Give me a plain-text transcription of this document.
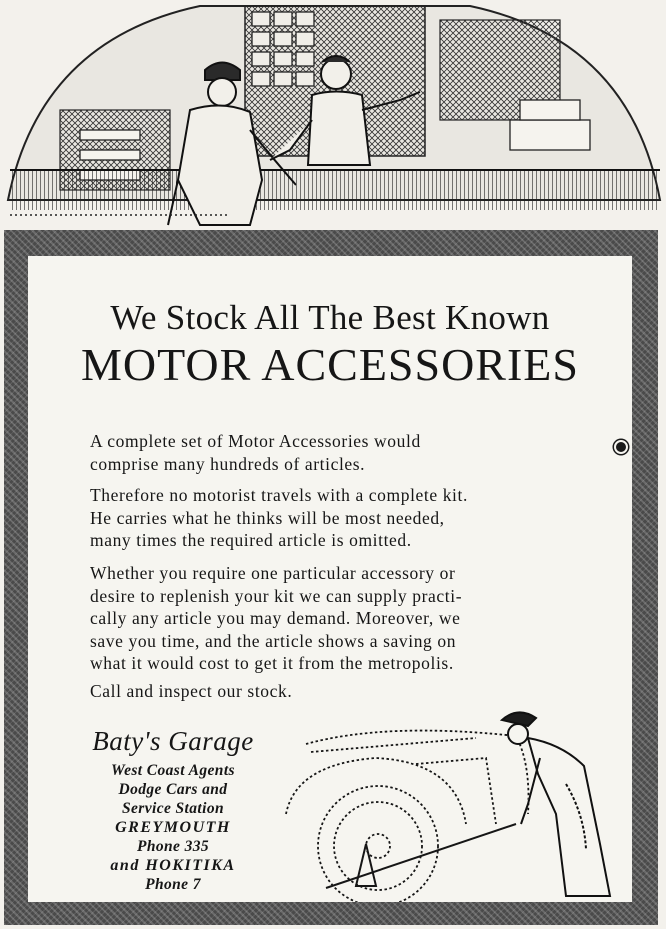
We Stock All The Best Known
MOTOR ACCESSORIES
A complete set of Motor Accessories would
comprise many hundreds of articles.
Therefore no motorist travels with a complete kit.
He carries what he thinks will be most needed,
many times the required article is omitted.
Whether you require one particular accessory or
desire to replenish your kit we can supply practi-
cally any article you may demand. Moreover, we
save you time, and the article shows a saving on
what it would cost to get it from the metropolis.
Call and inspect our stock.
Baty's Garage
West Coast Agents
Dodge Cars and
Service Station
GREYMOUTH
Phone 335
and HOKITIKA
Phone 7
